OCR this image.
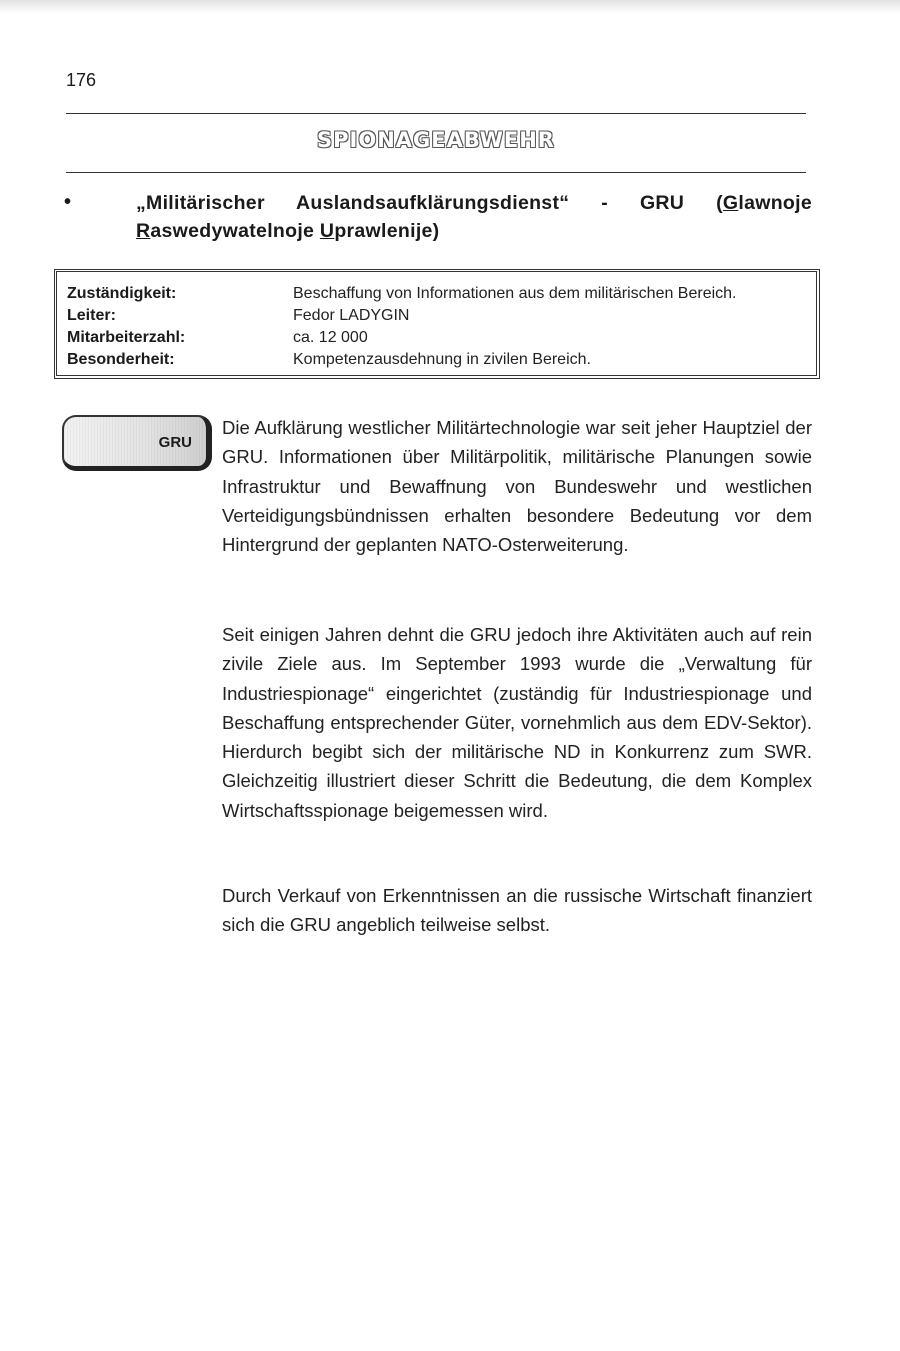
176
SPIONAGEABWEHR
•	„Militärischer Auslandsaufklärungsdienst“ - GRU (Glawnoje Raswedywatelnoje Uprawlenije)
Zuständigkeit:	Beschaffung von Informationen aus dem militärischen Bereich.
Leiter:	Fedor LADYGIN
Mitarbeiterzahl:	ca. 12 000
Besonderheit:	Kompetenzausdehnung in zivilen Bereich.
GRU

Die Aufklärung westlicher Militärtechnologie war seit jeher Hauptziel der GRU. Informationen über Militärpolitik, militärische Planungen sowie Infrastruktur und Bewaffnung von Bundeswehr und westlichen Verteidigungsbündnissen erhalten besondere Bedeutung vor dem Hintergrund der geplanten NATO-Osterweiterung.

Seit einigen Jahren dehnt die GRU jedoch ihre Aktivitäten auch auf rein zivile Ziele aus. Im September 1993 wurde die „Verwaltung für Industriespionage“ eingerichtet (zuständig für Industriespionage und Beschaffung entsprechender Güter, vornehmlich aus dem EDV-Sektor). Hierdurch begibt sich der militärische ND in Konkurrenz zum SWR. Gleichzeitig illustriert dieser Schritt die Bedeutung, die dem Komplex Wirtschaftsspionage beigemessen wird.

Durch Verkauf von Erkenntnissen an die russische Wirtschaft finanziert sich die GRU angeblich teilweise selbst.
